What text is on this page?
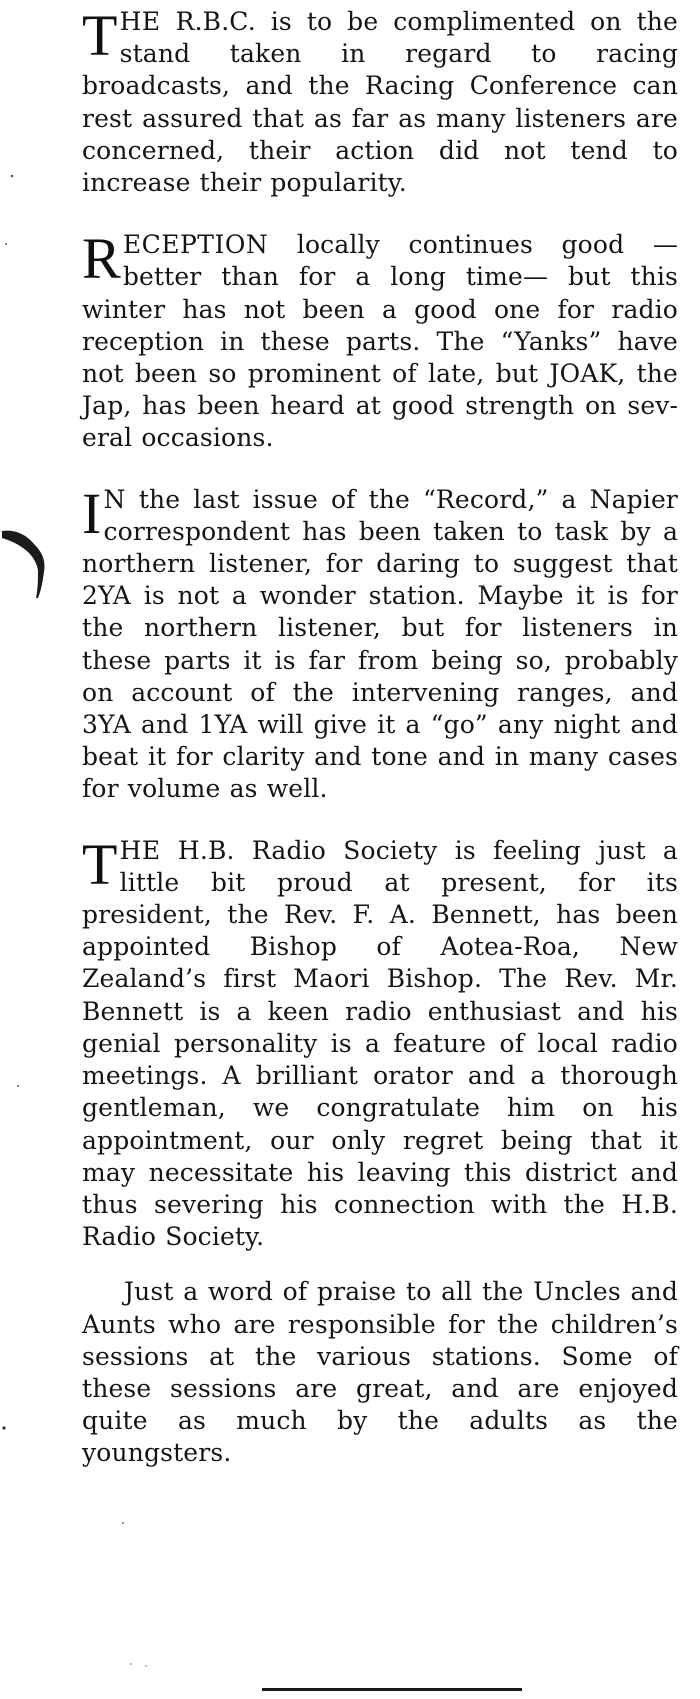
THE R.B.C. is to be complimented on the stand taken in regard to racing broadcasts, and the Racing Conference can rest assured that as far as many listeners are concerned, their action did not tend to increase their popularity.

RECEPTION locally continues good —better than for a long time— but this winter has not been a good one for radio reception in these parts. The “Yanks” have not been so prominent of late, but JOAK, the Jap, has been heard at good strength on several occasions.

I N the last issue of the “Record,” a Napier correspondent has been taken to task by a northern listener, for daring to suggest that 2YA is not a wonder station. Maybe it is for the northern listener, but for listeners in these parts it is far from being so, probably on account of the intervening ranges, and 3YA and 1YA will give it a “go” any night and beat it for clarity and tone and in many cases for volume as well.

THE H.B. Radio Society is feeling just a little bit proud at present, for its president, the Rev. F. A. Bennett, has been appointed Bishop of Aotea-Roa, New Zealand’s first Maori Bishop. The Rev. Mr. Bennett is a keen radio enthusiast and his genial personality is a feature of local radio meetings. A brilliant orator and a thorough gentleman, we congratulate him on his appointment, our only regret being that it may necessitate his leaving this district and thus severing his connection with the H.B. Radio Society.

Just a word of praise to all the Uncles and Aunts who are responsible for the children’s sessions at the various stations. Some of these sessions are great, and are enjoyed quite as much by the adults as the youngsters.
